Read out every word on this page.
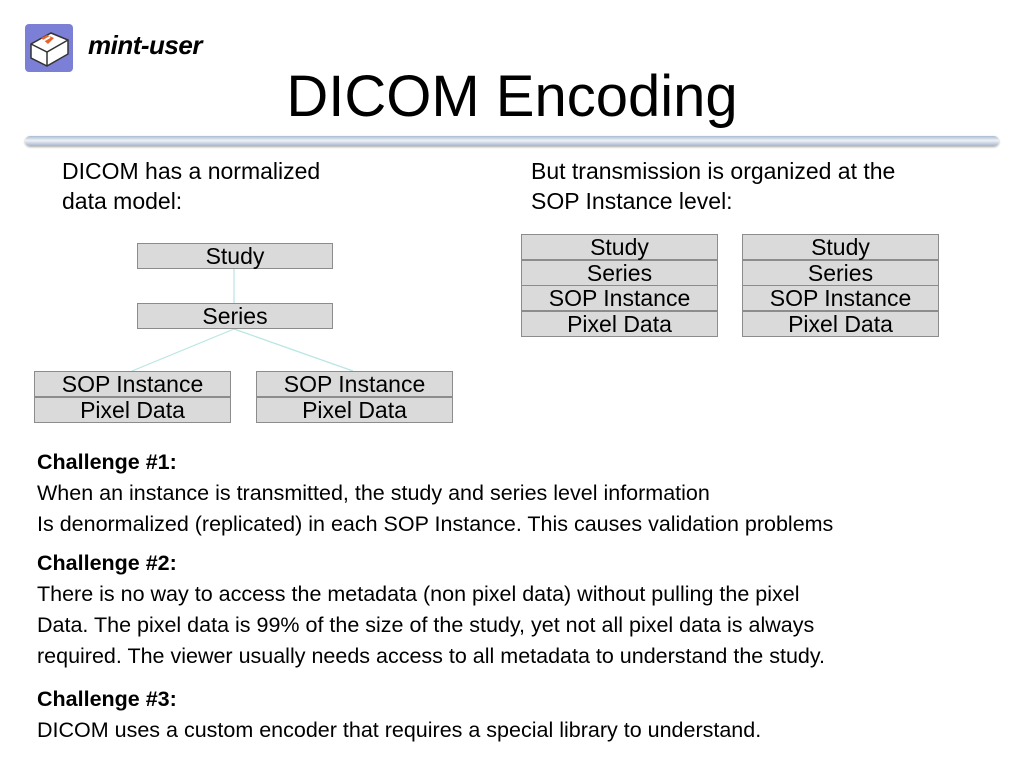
mint-user
DICOM Encoding
DICOM has a normalized
data model:
But transmission is organized at the
SOP Instance level:
Study
Series
SOP Instance
Pixel Data
SOP Instance
Pixel Data
Study
Series
SOP Instance
Pixel Data
Study
Series
SOP Instance
Pixel Data
Challenge #1:
When an instance is transmitted, the study and series level information
Is denormalized (replicated) in each SOP Instance. This causes validation problems
Challenge #2:
There is no way to access the metadata (non pixel data) without pulling the pixel
Data. The pixel data is 99% of the size of the study, yet not all pixel data is always
required. The viewer usually needs access to all metadata to understand the study.
Challenge #3:
DICOM uses a custom encoder that requires a special library to understand.
